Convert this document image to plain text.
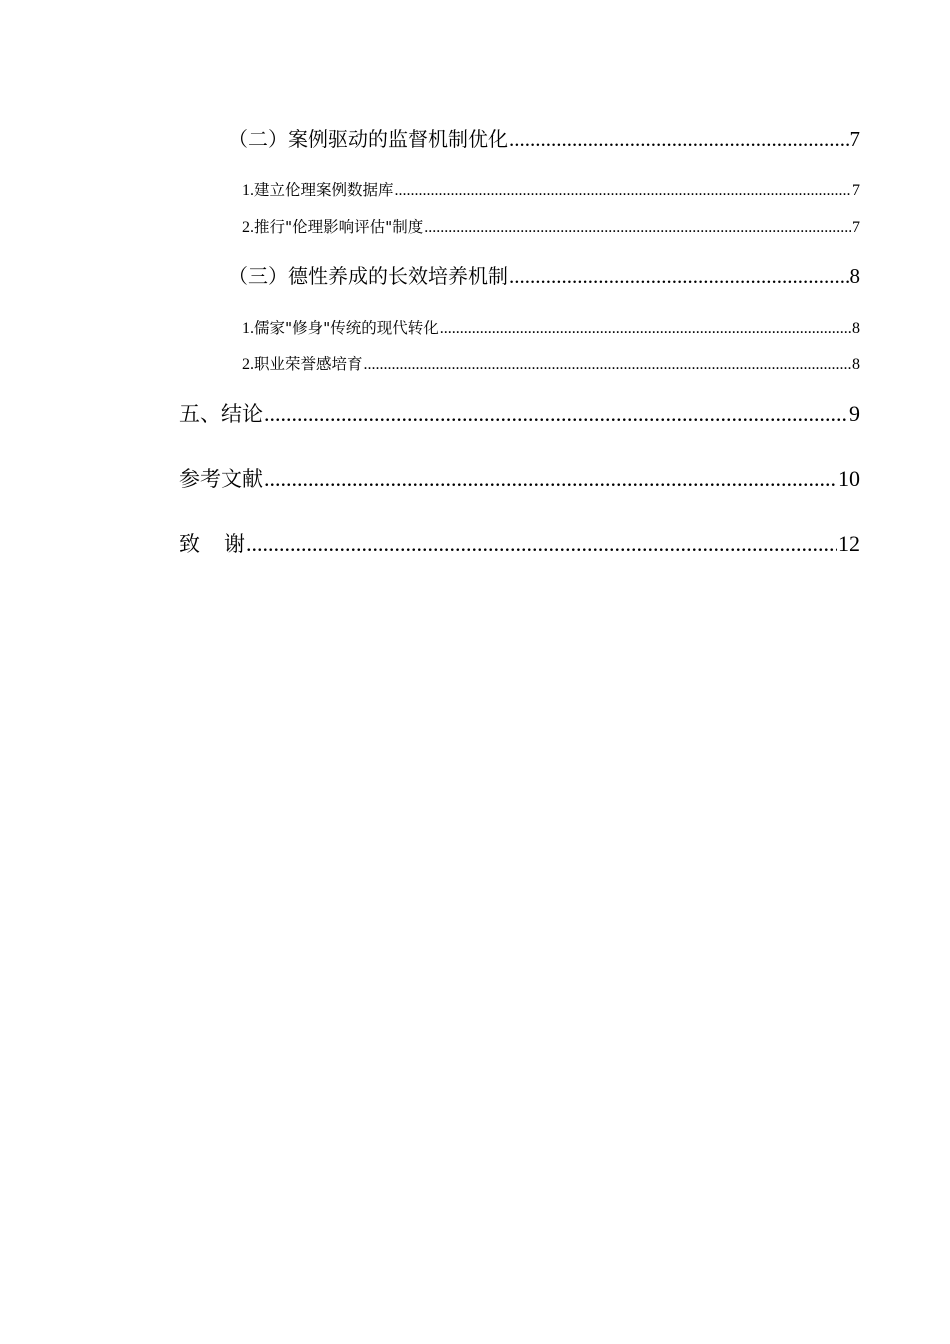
（二）案例驱动的监督机制优化 .....	7
1.建立伦理案例数据库 .....	7
2.推行"伦理影响评估"制度 .....	7
（三）德性养成的长效培养机制 .....	8
1.儒家"修身"传统的现代转化 .....	8
2.职业荣誉感培育 .....	8
五、结论 .....	9
参考文献 .....	10
致谢 .....	12
